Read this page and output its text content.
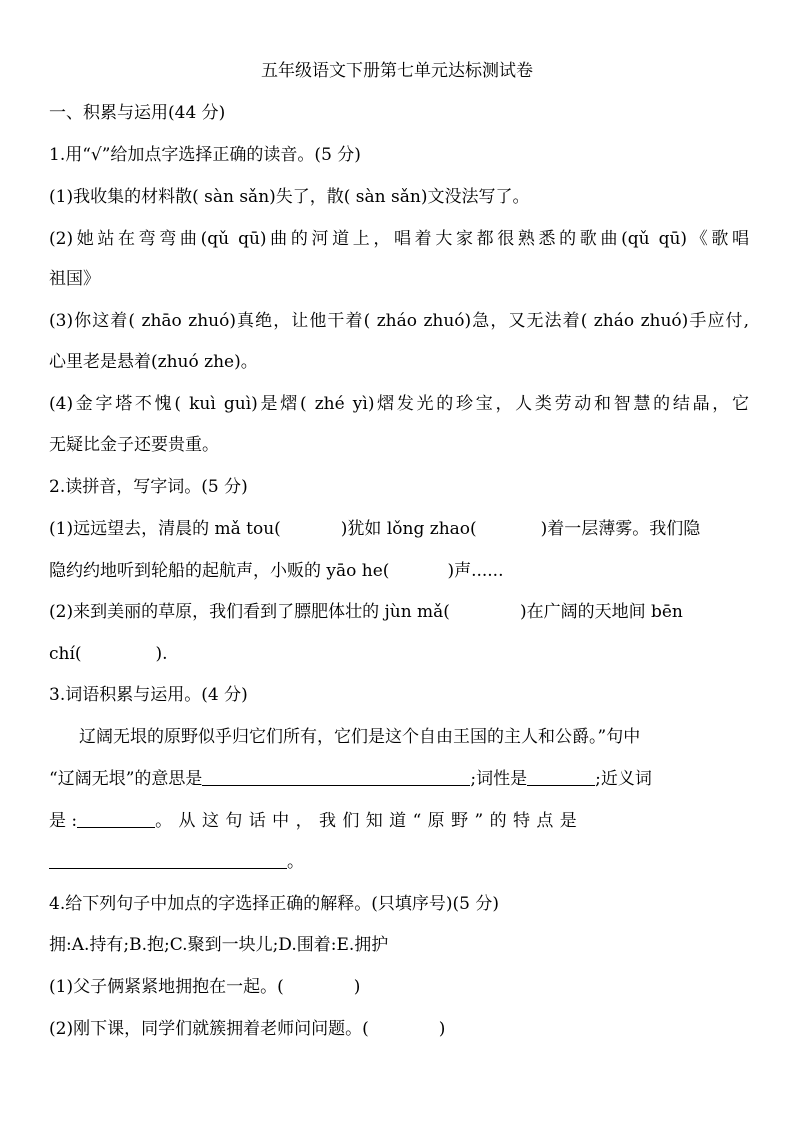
五年级语文下册第七单元达标测试卷
一、积累与运用(44 分)
1.用“√”给加点字选择正确的读音。(5 分)
(1)我收集的材料散( sàn sǎn)失了，散( sàn sǎn)文没法写了。
(2)她站在弯弯曲(qǔ qū)曲的河道上，唱着大家都很熟悉的歌曲(qǔ qū)《歌唱
祖国》
(3)你这着( zhāo zhuó)真绝，让他干着( zháo zhuó)急，又无法着( zháo zhuó)手应付,
心里老是悬着(zhuó zhe)。
(4)金字塔不愧( kuì guì)是熠( zhé yì)熠发光的珍宝，人类劳动和智慧的结晶，它
无疑比金子还要贵重。
2.读拼音，写字词。(5 分)
(1)远远望去，清晨的 mǎ tou(	)犹如 lǒng zhao(	)着一层薄雾。我们隐
隐约约地听到轮船的起航声，小贩的 yāo he(	)声......
(2)来到美丽的草原，我们看到了膘肥体壮的 jùn mǎ(	)在广阔的天地间 bēn
chí(	).
3.词语积累与运用。(4 分)
辽阔无垠的原野似乎归它们所有，它们是这个自由王国的主人和公爵。”句中
“辽阔无垠”的意思是	;词性是	;近义词
是 :	。 从 这 句 话 中 ， 我 们 知 道 “ 原 野 ” 的 特 点 是
。
4.给下列句子中加点的字选择正确的解释。(只填序号)(5 分)
拥:A.持有;B.抱;C.聚到一块儿;D.围着:E.拥护
(1)父子俩紧紧地拥抱在一起。(	)
(2)刚下课，同学们就簇拥着老师问问题。(	)
